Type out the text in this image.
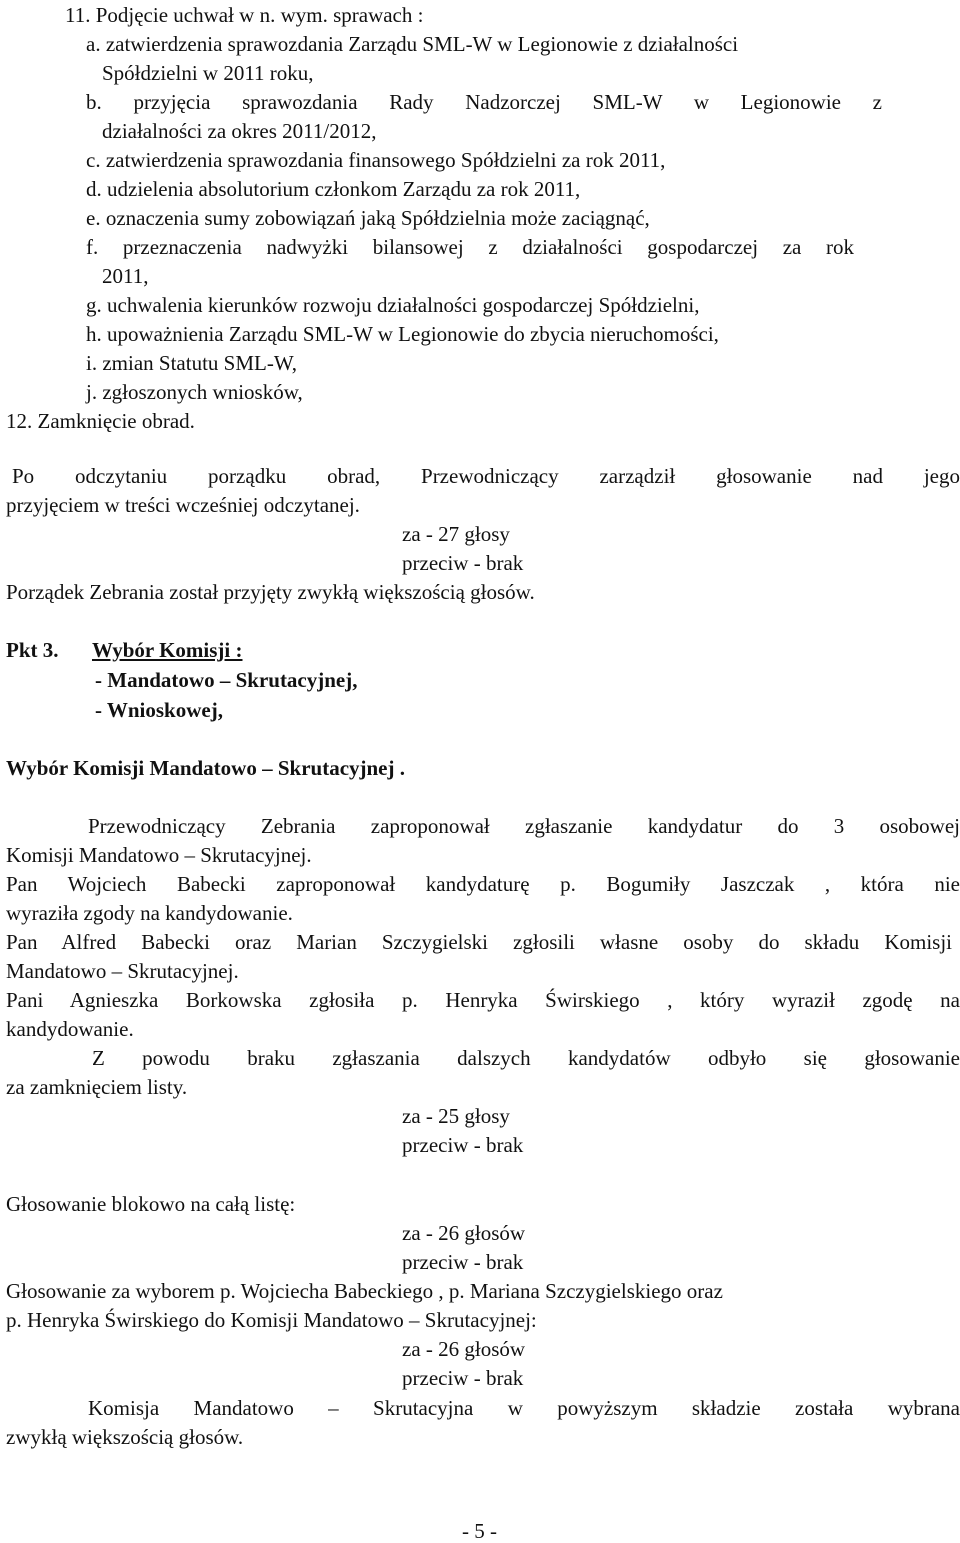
11. Podjęcie uchwał w n. wym. sprawach :
a. zatwierdzenia sprawozdania Zarządu SML-W w Legionowie z działalności
Spółdzielni w 2011 roku,
b. przyjęcia sprawozdania Rady Nadzorczej SML-W w Legionowie z
działalności za okres 2011/2012,
c. zatwierdzenia sprawozdania finansowego Spółdzielni za rok 2011,
d. udzielenia absolutorium członkom Zarządu za rok 2011,
e. oznaczenia sumy zobowiązań jaką Spółdzielnia może zaciągnąć,
f. przeznaczenia nadwyżki bilansowej z działalności gospodarczej za rok
2011,
g. uchwalenia kierunków rozwoju działalności gospodarczej Spółdzielni,
h. upoważnienia Zarządu SML-W w Legionowie do zbycia nieruchomości,
i. zmian Statutu SML-W,
j. zgłoszonych wniosków,
12. Zamknięcie obrad.
Po odczytaniu porządku obrad, Przewodniczący zarządził głosowanie nad jego
przyjęciem w treści wcześniej odczytanej.
za - 27 głosy
przeciw - brak
Porządek Zebrania został przyjęty zwykłą większością głosów.
Pkt 3. Wybór Komisji :
- Mandatowo – Skrutacyjnej,
- Wnioskowej,
Wybór Komisji Mandatowo – Skrutacyjnej .
Przewodniczący Zebrania zaproponował zgłaszanie kandydatur do 3 osobowej
Komisji Mandatowo – Skrutacyjnej.
Pan Wojciech Babecki zaproponował kandydaturę p. Bogumiły Jaszczak , która nie
wyraziła zgody na kandydowanie.
Pan Alfred Babecki oraz Marian Szczygielski zgłosili własne osoby do składu Komisji
Mandatowo – Skrutacyjnej.
Pani Agnieszka Borkowska zgłosiła p. Henryka Świrskiego , który wyraził zgodę na
kandydowanie.
Z powodu braku zgłaszania dalszych kandydatów odbyło się głosowanie
za zamknięciem listy.
za - 25 głosy
przeciw - brak
Głosowanie blokowo na całą listę:
za - 26 głosów
przeciw - brak
Głosowanie za wyborem p. Wojciecha Babeckiego , p. Mariana Szczygielskiego oraz
p. Henryka Świrskiego do Komisji Mandatowo – Skrutacyjnej:
za - 26 głosów
przeciw - brak
Komisja Mandatowo – Skrutacyjna w powyższym składzie została wybrana
zwykłą większością głosów.
- 5 -
